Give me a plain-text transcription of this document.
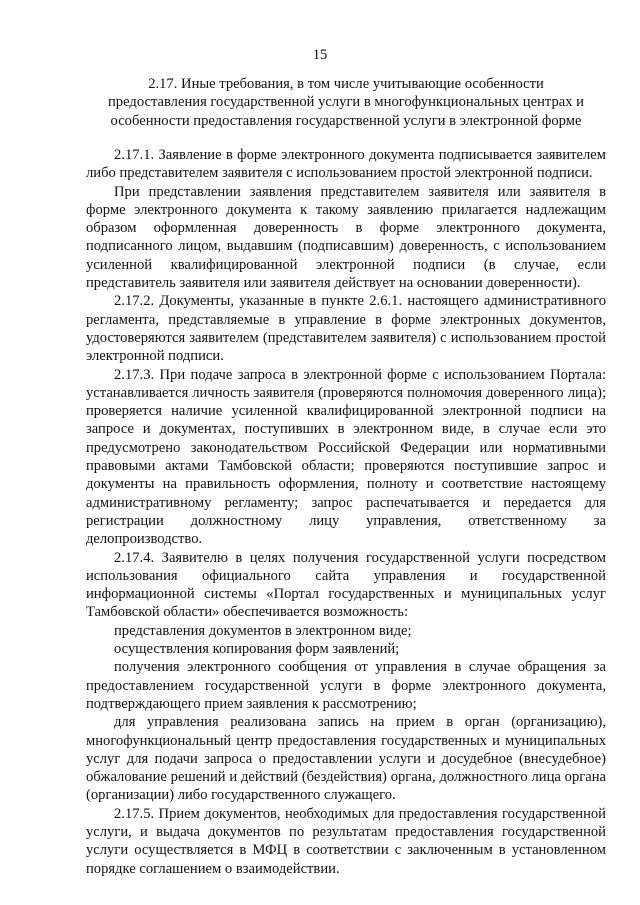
15
2.17. Иные требования, в том числе учитывающие особенности
предоставления государственной услуги в многофункциональных центрах и
особенности предоставления государственной услуги в электронной форме

2.17.1. Заявление в форме электронного документа подписывается заявителем либо представителем заявителя с использованием простой электронной подписи.

При представлении заявления представителем заявителя или заявителя в форме электронного документа к такому заявлению прилагается надлежащим образом оформленная доверенность в форме электронного документа, подписанного лицом, выдавшим (подписавшим) доверенность, с использованием усиленной квалифицированной электронной подписи (в случае, если представитель заявителя или заявителя действует на основании доверенности).

2.17.2. Документы, указанные в пункте 2.6.1. настоящего административного регламента, представляемые в управление в форме электронных документов, удостоверяются заявителем (представителем заявителя) с использованием простой электронной подписи.

2.17.3. При подаче запроса в электронной форме с использованием Портала: устанавливается личность заявителя (проверяются полномочия доверенного лица); проверяется наличие усиленной квалифицированной электронной подписи на запросе и документах, поступивших в электронном виде, в случае если это предусмотрено законодательством Российской Федерации или нормативными правовыми актами Тамбовской области; проверяются поступившие запрос и документы на правильность оформления, полноту и соответствие настоящему административному регламенту; запрос распечатывается и передается для регистрации должностному лицу управления, ответственному за делопроизводство.

2.17.4. Заявителю в целях получения государственной услуги посредством использования официального сайта управления и государственной информационной системы «Портал государственных и муниципальных услуг Тамбовской области» обеспечивается возможность:

представления документов в электронном виде;

осуществления копирования форм заявлений;

получения электронного сообщения от управления в случае обращения за предоставлением государственной услуги в форме электронного документа, подтверждающего прием заявления к рассмотрению;

для управления реализована запись на прием в орган (организацию), многофункциональный центр предоставления государственных и муниципальных услуг для подачи запроса о предоставлении услуги и досудебное (внесудебное) обжалование решений и действий (бездействия) органа, должностного лица органа (организации) либо государственного служащего.

2.17.5. Прием документов, необходимых для предоставления государственной услуги, и выдача документов по результатам предоставления государственной услуги осуществляется в МФЦ в соответствии с заключенным в установленном порядке соглашением о взаимодействии.
